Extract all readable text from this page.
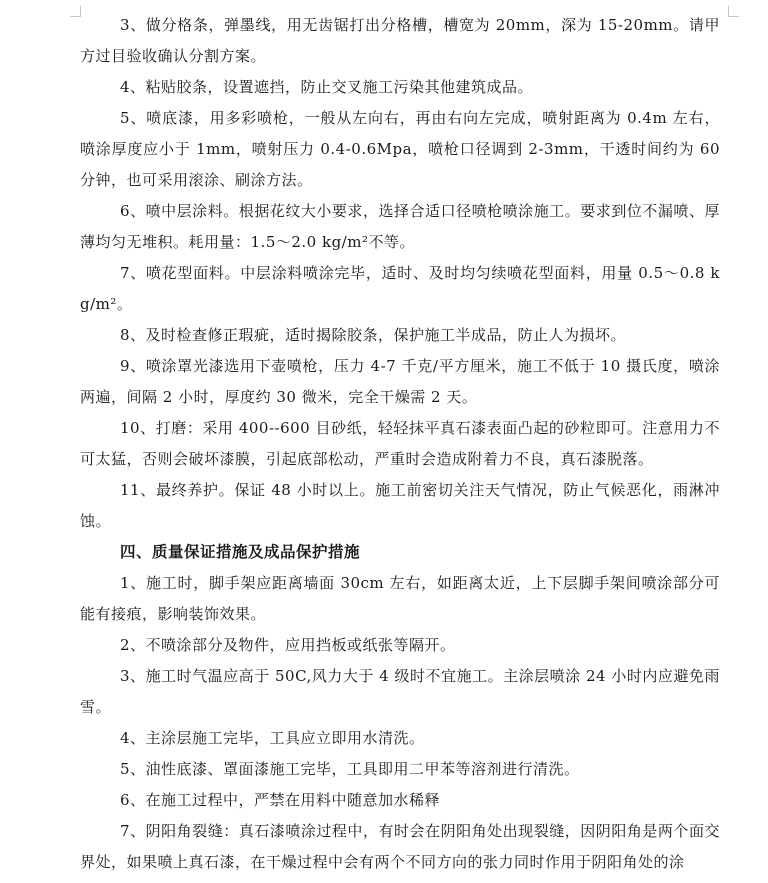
3、做分格条，弹墨线，用无齿锯打出分格槽，槽宽为 20mm，深为 15-20mm。请甲方过目验收确认分割方案。

4、粘贴胶条，设置遮挡，防止交叉施工污染其他建筑成品。

5、喷底漆，用多彩喷枪，一般从左向右，再由右向左完成，喷射距离为 0.4m 左右，喷涂厚度应小于 1mm，喷射压力 0.4-0.6Mpa，喷枪口径调到 2-3mm，干透时间约为 60 分钟，也可采用滚涂、刷涂方法。

6、喷中层涂料。根据花纹大小要求，选择合适口径喷枪喷涂施工。要求到位不漏喷、厚薄均匀无堆积。耗用量：1.5～2.0 kg/m²不等。

7、喷花型面料。中层涂料喷涂完毕，适时、及时均匀续喷花型面料，用量 0.5～0.8 kg/m²。

8、及时检查修正瑕疵，适时揭除胶条，保护施工半成品，防止人为损坏。

9、喷涂罩光漆选用下壶喷枪，压力 4-7 千克/平方厘米，施工不低于 10 摄氏度，喷涂两遍，间隔 2 小时，厚度约 30 微米，完全干燥需 2 天。

10、打磨：采用 400--600 目砂纸，轻轻抹平真石漆表面凸起的砂粒即可。注意用力不可太猛，否则会破坏漆膜，引起底部松动，严重时会造成附着力不良，真石漆脱落。

11、最终养护。保证 48 小时以上。施工前密切关注天气情况，防止气候恶化，雨淋冲蚀。

四、质量保证措施及成品保护措施

1、施工时，脚手架应距离墙面 30cm 左右，如距离太近，上下层脚手架间喷涂部分可能有接痕，影响装饰效果。

2、不喷涂部分及物件，应用挡板或纸张等隔开。

3、施工时气温应高于 50C,风力大于 4 级时不宜施工。主涂层喷涂 24 小时内应避免雨雪。

4、主涂层施工完毕，工具应立即用水清洗。

5、油性底漆、罩面漆施工完毕，工具即用二甲苯等溶剂进行清洗。

6、在施工过程中，严禁在用料中随意加水稀释

7、阴阳角裂缝：真石漆喷涂过程中，有时会在阴阳角处出现裂缝，因阴阳角是两个面交界处，如果喷上真石漆，在干燥过程中会有两个不同方向的张力同时作用于阴阳角处的涂
